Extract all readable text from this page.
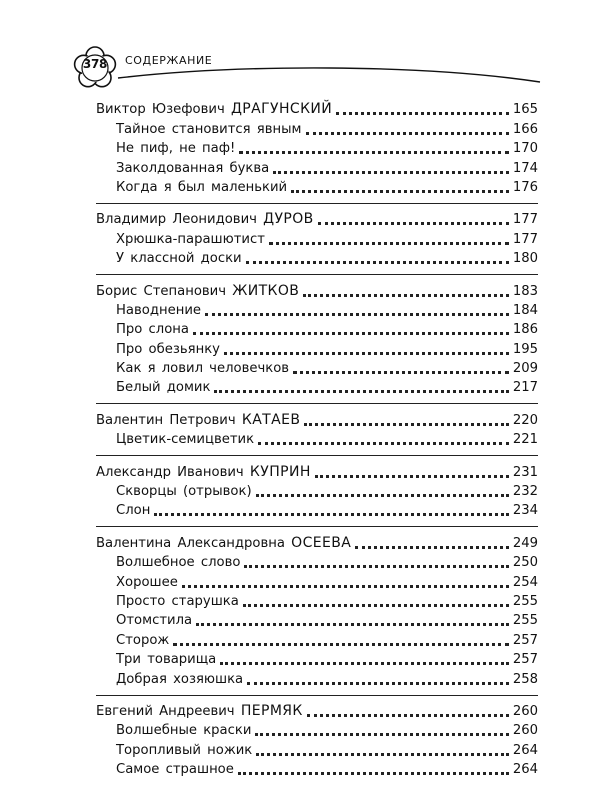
378	СОДЕРЖАНИЕ
Виктор Юзефович ДРАГУНСКИЙ	165
Тайное становится явным	166
Не пиф, не паф!	170
Заколдованная буква	174
Когда я был маленький	176
Владимир Леонидович ДУРОВ	177
Хрюшка-парашютист	177
У классной доски	180
Борис Степанович ЖИТКОВ	183
Наводнение	184
Про слона	186
Про обезьянку	195
Как я ловил человечков	209
Белый домик	217
Валентин Петрович КАТАЕВ	220
Цветик-семицветик	221
Александр Иванович КУПРИН	231
Скворцы (отрывок)	232
Слон	234
Валентина Александровна ОСЕЕВА	249
Волшебное слово	250
Хорошее	254
Просто старушка	255
Отомстила	255
Сторож	257
Три товарища	257
Добрая хозяюшка	258
Евгений Андреевич ПЕРМЯК	260
Волшебные краски	260
Торопливый ножик	264
Самое страшное	264
